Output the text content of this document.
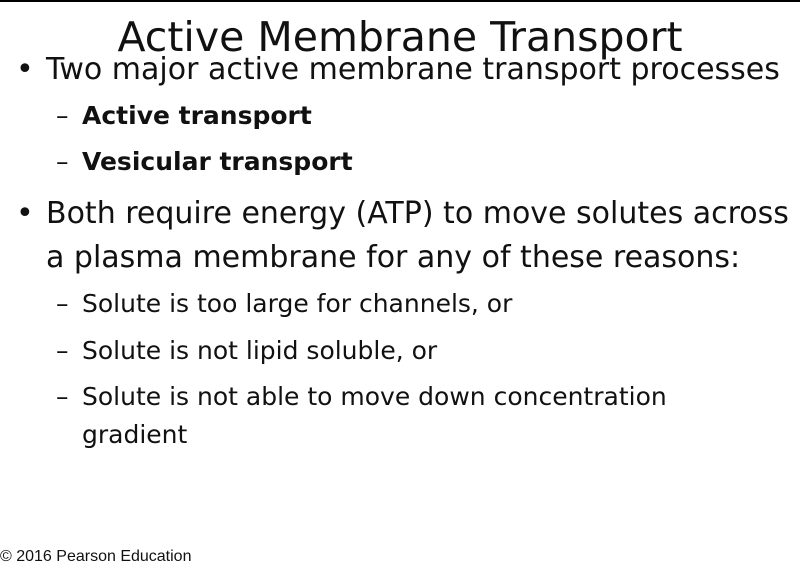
Active Membrane Transport
• Two major active membrane transport processes
– Active transport
– Vesicular transport
• Both require energy (ATP) to move solutes across
a plasma membrane for any of these reasons:
– Solute is too large for channels, or
– Solute is not lipid soluble, or
– Solute is not able to move down concentration
gradient
© 2016 Pearson Education
